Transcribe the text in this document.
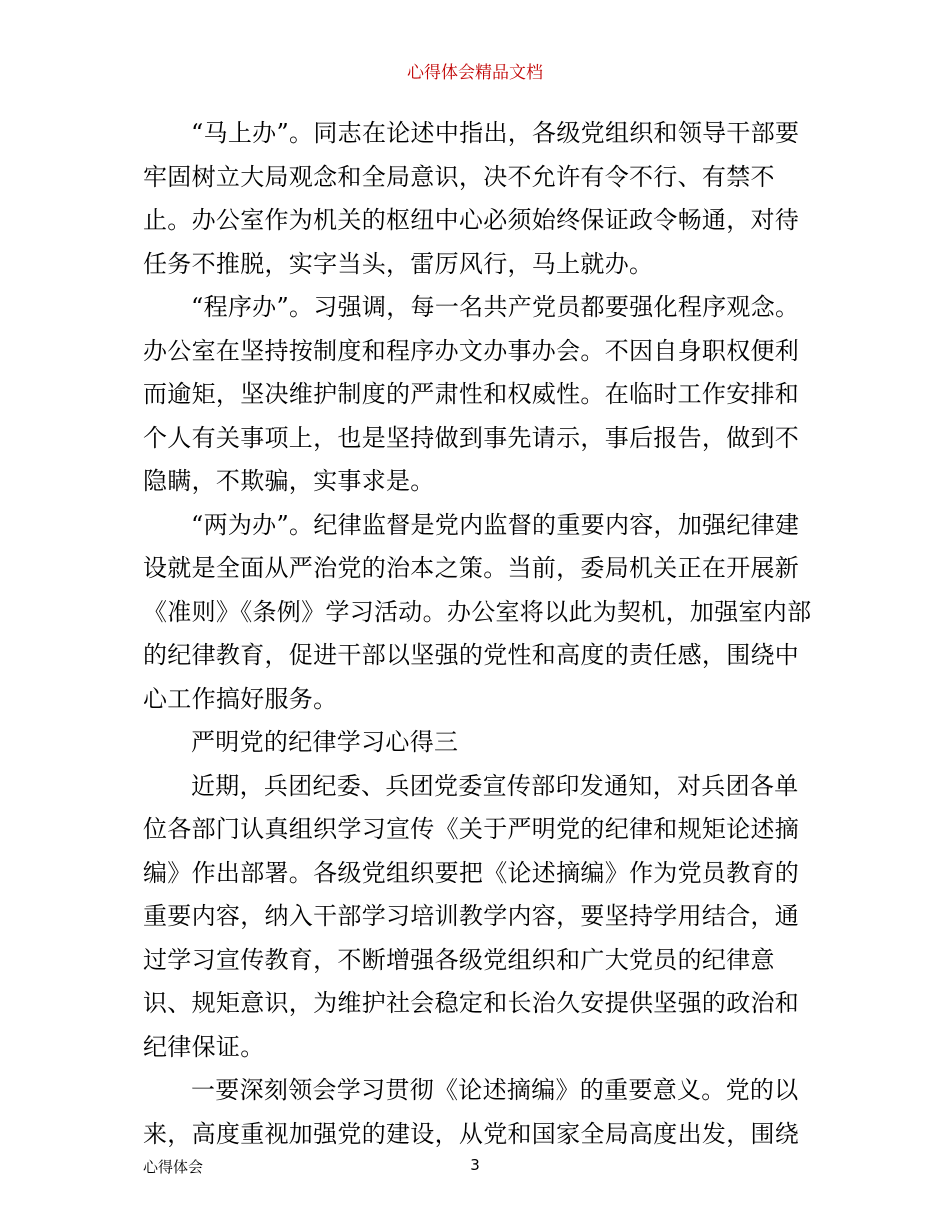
心得体会精品文档

“马上办”。同志在论述中指出，各级党组织和领导干部要牢固树立大局观念和全局意识，决不允许有令不行、有禁不止。办公室作为机关的枢纽中心必须始终保证政令畅通，对待任务不推脱，实字当头，雷厉风行，马上就办。

“程序办”。习强调，每一名共产党员都要强化程序观念。办公室在坚持按制度和程序办文办事办会。不因自身职权便利而逾矩，坚决维护制度的严肃性和权威性。在临时工作安排和个人有关事项上，也是坚持做到事先请示，事后报告，做到不隐瞒，不欺骗，实事求是。

“两为办”。纪律监督是党内监督的重要内容，加强纪律建设就是全面从严治党的治本之策。当前，委局机关正在开展新《准则》《条例》学习活动。办公室将以此为契机，加强室内部的纪律教育，促进干部以坚强的党性和高度的责任感，围绕中心工作搞好服务。

严明党的纪律学习心得三

近期，兵团纪委、兵团党委宣传部印发通知，对兵团各单位各部门认真组织学习宣传《关于严明党的纪律和规矩论述摘编》作出部署。各级党组织要把《论述摘编》作为党员教育的重要内容，纳入干部学习培训教学内容，要坚持学用结合，通过学习宣传教育，不断增强各级党组织和广大党员的纪律意识、规矩意识，为维护社会稳定和长治久安提供坚强的政治和纪律保证。

一要深刻领会学习贯彻《论述摘编》的重要意义。党的以来，高度重视加强党的建设，从党和国家全局高度出发，围绕

心得体会	3
